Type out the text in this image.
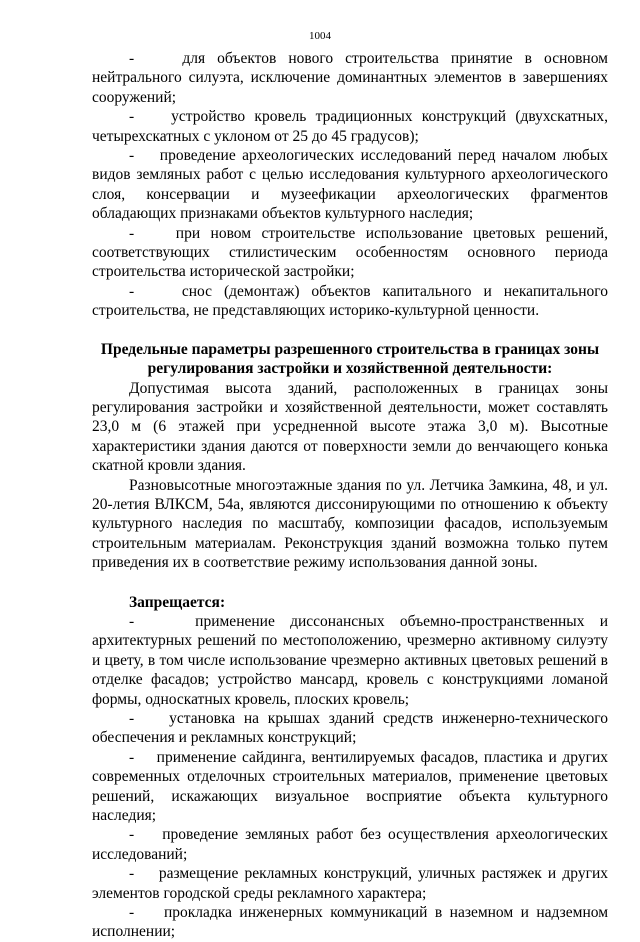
1004

-    для объектов нового строительства принятие в основном нейтрального силуэта, исключение доминантных элементов в завершениях сооружений;

-    устройство кровель традиционных конструкций (двухскатных, четырехскатных с уклоном от 25 до 45 градусов);

-    проведение археологических исследований перед началом любых видов земляных работ с целью исследования культурного археологического слоя, консервации и музеефикации археологических фрагментов обладающих признаками объектов культурного наследия;

-    при новом строительстве использование цветовых решений, соответствующих стилистическим особенностям основного периода строительства исторической застройки;

-    снос (демонтаж) объектов капитального и некапитального строительства, не представляющих историко-культурной ценности.

Предельные параметры разрешенного строительства в границах зоны регулирования застройки и хозяйственной деятельности:

Допустимая высота зданий, расположенных в границах зоны регулирования застройки и хозяйственной деятельности, может составлять 23,0 м (6 этажей при усредненной высоте этажа 3,0 м). Высотные характеристики здания даются от поверхности земли до венчающего конька скатной кровли здания.

Разновысотные многоэтажные здания по ул. Летчика Замкина, 48, и ул. 20-летия ВЛКСМ, 54а, являются диссонирующими по отношению к объекту культурного наследия по масштабу, композиции фасадов, используемым строительным материалам. Реконструкция зданий возможна только путем приведения их в соответствие режиму использования данной зоны.

Запрещается:

-    применение диссонансных объемно-пространственных и архитектурных решений по местоположению, чрезмерно активному силуэту и цвету, в том числе использование чрезмерно активных цветовых решений в отделке фасадов; устройство мансард, кровель с конструкциями ломаной формы, односкатных кровель, плоских кровель;

-    установка на крышах зданий средств инженерно-технического обеспечения и рекламных конструкций;

-    применение сайдинга, вентилируемых фасадов, пластика и других современных отделочных строительных материалов, применение цветовых решений, искажающих визуальное восприятие объекта культурного наследия;

-    проведение земляных работ без осуществления археологических исследований;

-    размещение рекламных конструкций, уличных растяжек и других элементов городской среды рекламного характера;

-    прокладка инженерных коммуникаций в наземном и надземном исполнении;
